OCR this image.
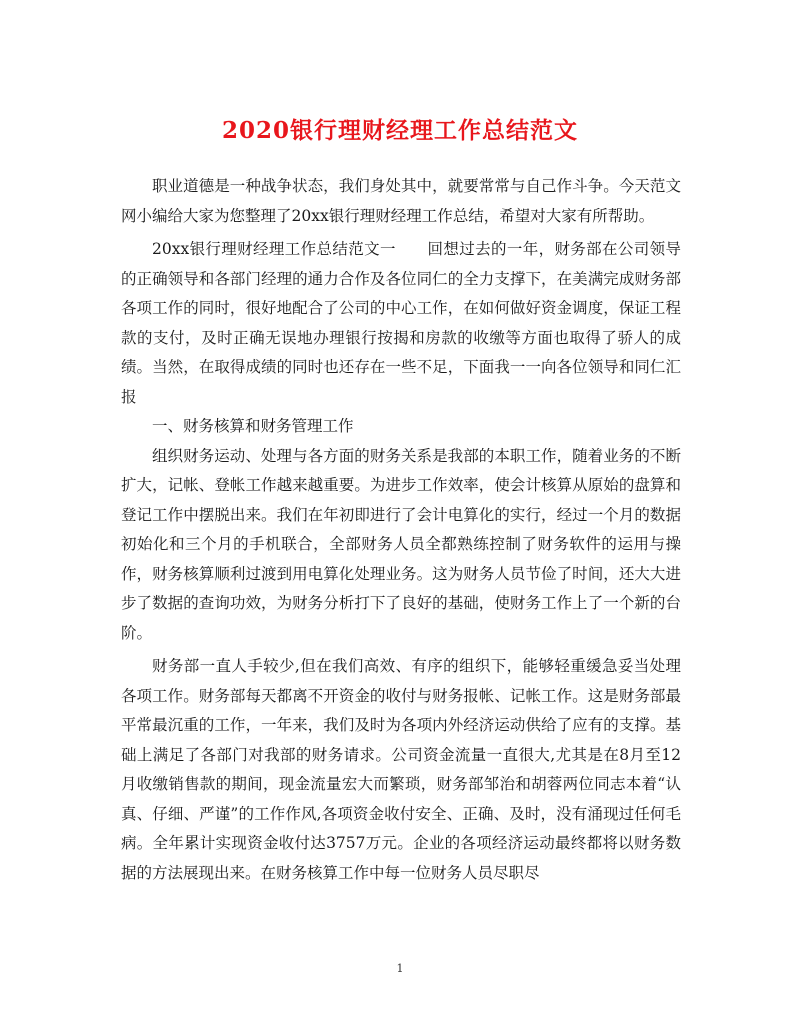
2020银行理财经理工作总结范文

职业道德是一种战争状态，我们身处其中，就要常常与自己作斗争。今天范文网小编给大家为您整理了20xx银行理财经理工作总结，希望对大家有所帮助。

20xx银行理财经理工作总结范文一　　回想过去的一年，财务部在公司领导的正确领导和各部门经理的通力合作及各位同仁的全力支撑下，在美满完成财务部各项工作的同时，很好地配合了公司的中心工作，在如何做好资金调度，保证工程款的支付，及时正确无误地办理银行按揭和房款的收缴等方面也取得了骄人的成绩。当然，在取得成绩的同时也还存在一些不足，下面我一一向各位领导和同仁汇报

一、财务核算和财务管理工作

组织财务运动、处理与各方面的财务关系是我部的本职工作，随着业务的不断扩大，记帐、登帐工作越来越重要。为进步工作效率，使会计核算从原始的盘算和登记工作中摆脱出来。我们在年初即进行了会计电算化的实行，经过一个月的数据初始化和三个月的手机联合，全部财务人员全都熟练控制了财务软件的运用与操作，财务核算顺利过渡到用电算化处理业务。这为财务人员节俭了时间，还大大进步了数据的查询功效，为财务分析打下了良好的基础，使财务工作上了一个新的台阶。

财务部一直人手较少,但在我们高效、有序的组织下，能够轻重缓急妥当处理各项工作。财务部每天都离不开资金的收付与财务报帐、记帐工作。这是财务部最平常最沉重的工作，一年来，我们及时为各项内外经济运动供给了应有的支撑。基础上满足了各部门对我部的财务请求。公司资金流量一直很大,尤其是在8月至12月收缴销售款的期间，现金流量宏大而繁琐，财务部邹治和胡蓉两位同志本着“认真、仔细、严谨”的工作作风,各项资金收付安全、正确、及时，没有涌现过任何毛病。全年累计实现资金收付达3757万元。企业的各项经济运动最终都将以财务数据的方法展现出来。在财务核算工作中每一位财务人员尽职尽

1
